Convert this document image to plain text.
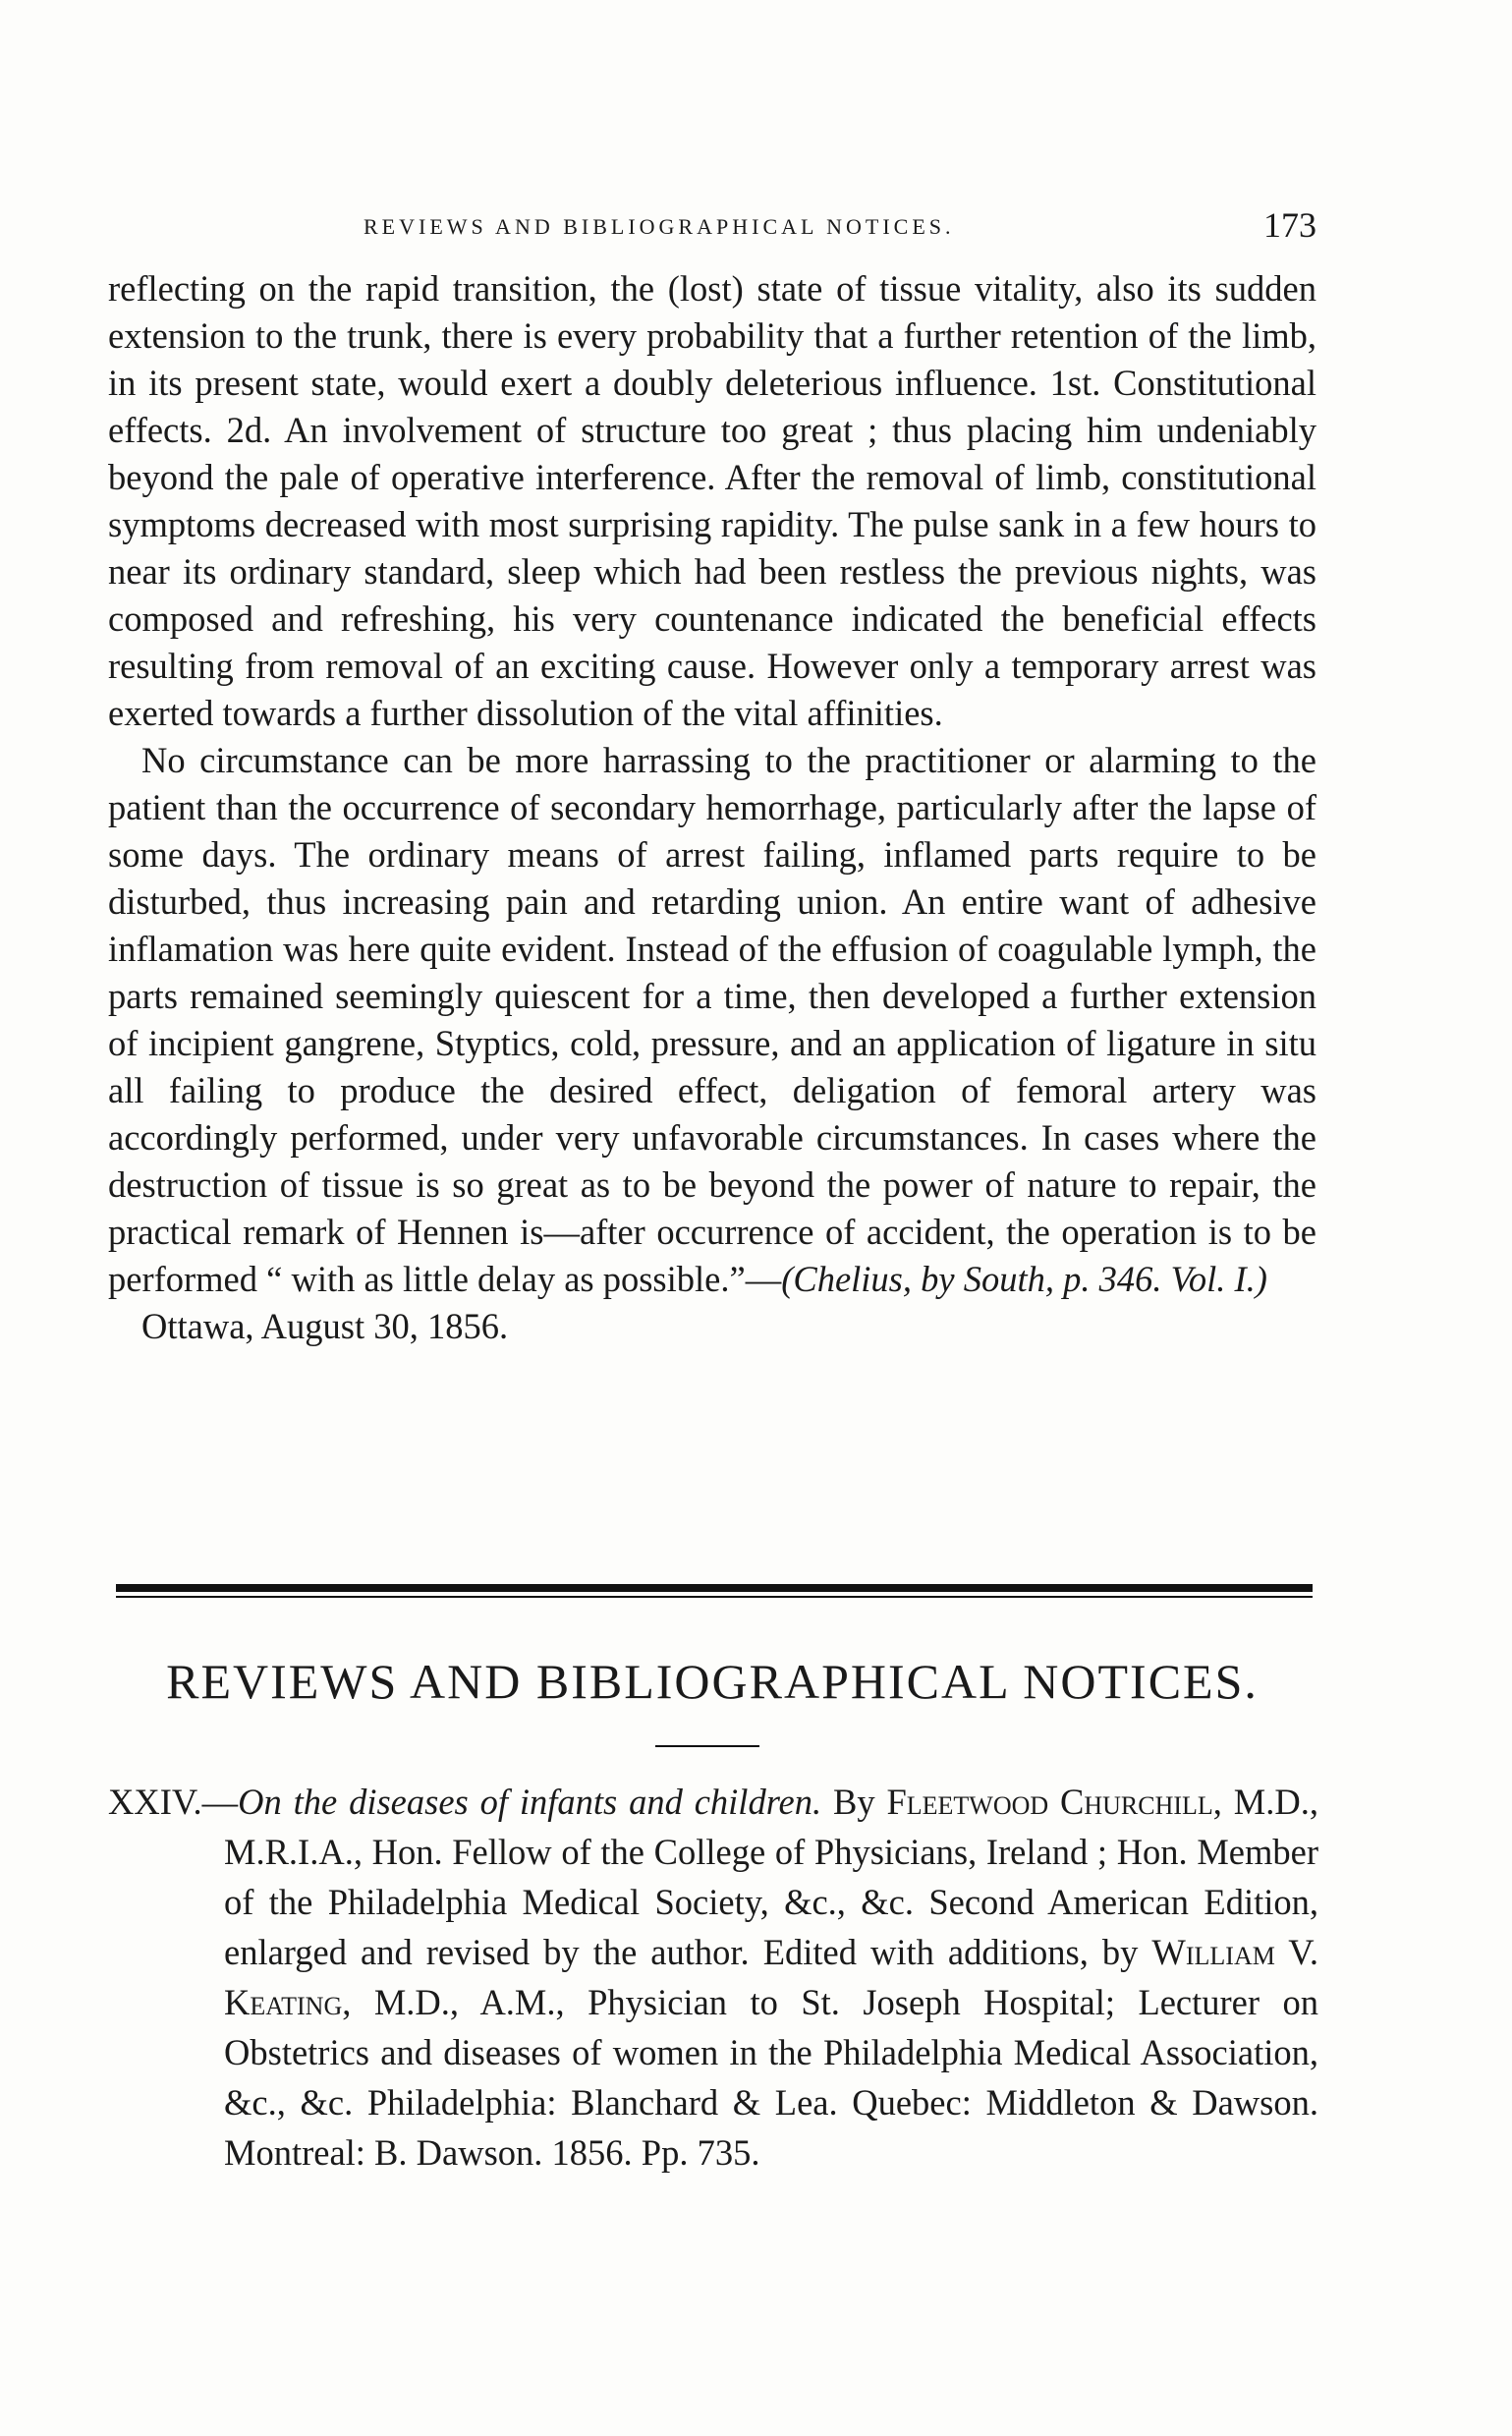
REVIEWS AND BIBLIOGRAPHICAL NOTICES.	173

reflecting on the rapid transition, the (lost) state of tissue vitality, also its sudden extension to the trunk, there is every probability that a further retention of the limb, in its present state, would exert a doubly deleterious influence. 1st. Constitutional effects. 2d. An involvement of structure too great ; thus placing him undeniably beyond the pale of operative interference. After the removal of limb, constitutional symptoms decreased with most surprising rapidity. The pulse sank in a few hours to near its ordinary standard, sleep which had been restless the previous nights, was composed and refreshing, his very countenance indicated the beneficial effects resulting from removal of an exciting cause. However only a temporary arrest was exerted towards a further dissolution of the vital affinities.

No circumstance can be more harrassing to the practitioner or alarming to the patient than the occurrence of secondary hemorrhage, particularly after the lapse of some days. The ordinary means of arrest failing, inflamed parts require to be disturbed, thus increasing pain and retarding union. An entire want of adhesive inflamation was here quite evident. Instead of the effusion of coagulable lymph, the parts remained seemingly quiescent for a time, then developed a further extension of incipient gangrene, Styptics, cold, pressure, and an application of ligature in situ all failing to produce the desired effect, deligation of femoral artery was accordingly performed, under very unfavorable circumstances. In cases where the destruction of tissue is so great as to be beyond the power of nature to repair, the practical remark of Hennen is—after occurrence of accident, the operation is to be performed “ with as little delay as possible.”—(Chelius, by South, p. 346. Vol. I.)

Ottawa, August 30, 1856.

REVIEWS AND BIBLIOGRAPHICAL NOTICES.

XXIV.—On the diseases of infants and children. By Fleetwood Churchill, M.D., M.R.I.A., Hon. Fellow of the College of Physicians, Ireland ; Hon. Member of the Philadelphia Medical Society, &c., &c. Second American Edition, enlarged and revised by the author. Edited with additions, by William V. Keating, M.D., A.M., Physician to St. Joseph Hospital; Lecturer on Obstetrics and diseases of women in the Philadelphia Medical Association, &c., &c. Philadelphia: Blanchard & Lea. Quebec: Middleton & Dawson. Montreal: B. Dawson. 1856. Pp. 735.
